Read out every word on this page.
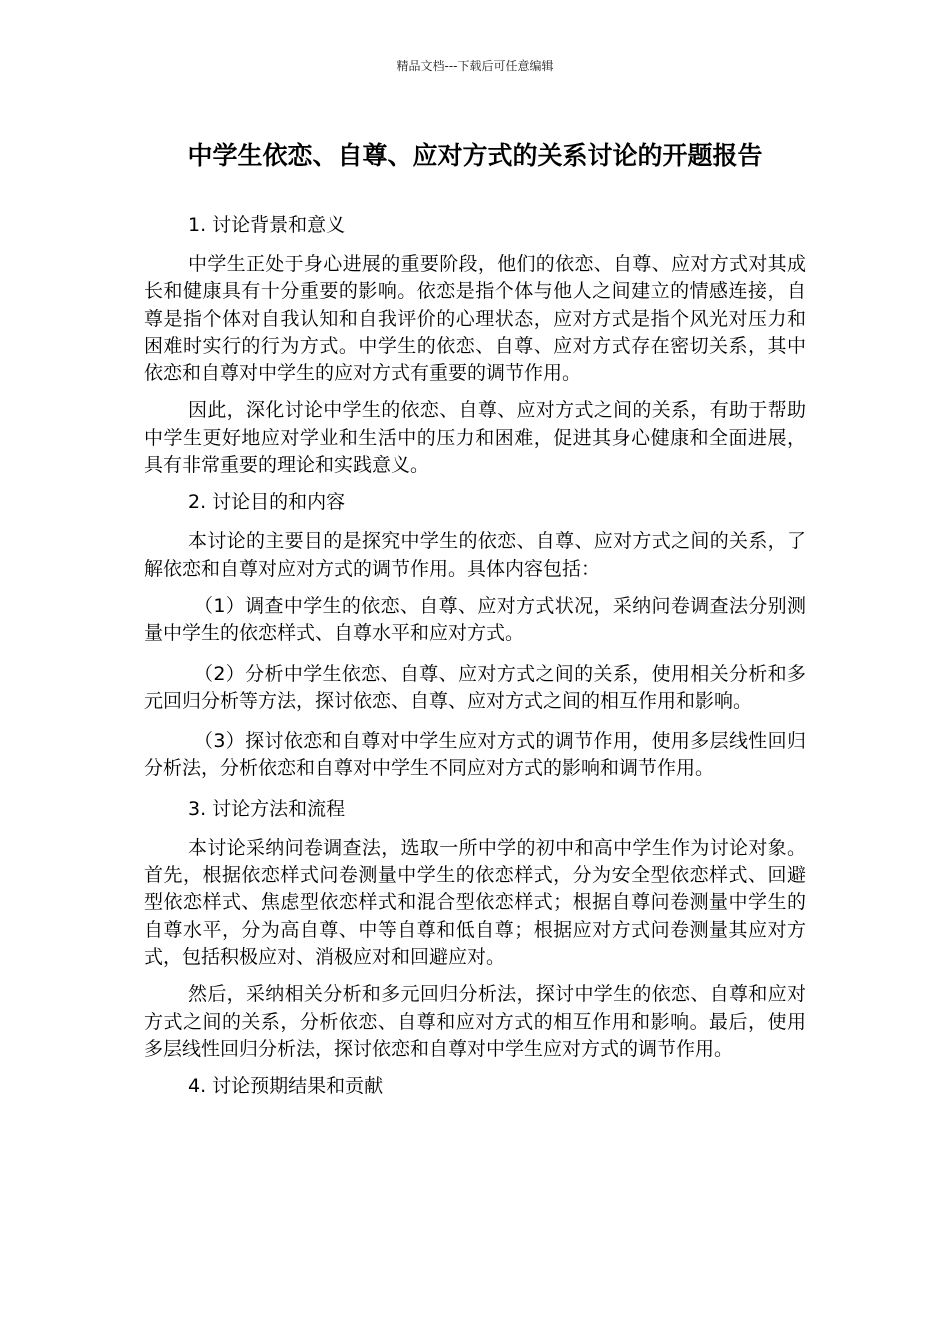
精品文档---下载后可任意编辑
中学生依恋、自尊、应对方式的关系讨论的开题报告

1. 讨论背景和意义

中学生正处于身心进展的重要阶段，他们的依恋、自尊、应对方式对其成长和健康具有十分重要的影响。依恋是指个体与他人之间建立的情感连接，自尊是指个体对自我认知和自我评价的心理状态，应对方式是指个风光对压力和困难时实行的行为方式。中学生的依恋、自尊、应对方式存在密切关系，其中依恋和自尊对中学生的应对方式有重要的调节作用。

因此，深化讨论中学生的依恋、自尊、应对方式之间的关系，有助于帮助中学生更好地应对学业和生活中的压力和困难，促进其身心健康和全面进展，具有非常重要的理论和实践意义。

2. 讨论目的和内容

本讨论的主要目的是探究中学生的依恋、自尊、应对方式之间的关系，了解依恋和自尊对应对方式的调节作用。具体内容包括：

（1）调查中学生的依恋、自尊、应对方式状况，采纳问卷调查法分别测量中学生的依恋样式、自尊水平和应对方式。

（2）分析中学生依恋、自尊、应对方式之间的关系，使用相关分析和多元回归分析等方法，探讨依恋、自尊、应对方式之间的相互作用和影响。

（3）探讨依恋和自尊对中学生应对方式的调节作用，使用多层线性回归分析法，分析依恋和自尊对中学生不同应对方式的影响和调节作用。

3. 讨论方法和流程

本讨论采纳问卷调查法，选取一所中学的初中和高中学生作为讨论对象。首先，根据依恋样式问卷测量中学生的依恋样式，分为安全型依恋样式、回避型依恋样式、焦虑型依恋样式和混合型依恋样式；根据自尊问卷测量中学生的自尊水平，分为高自尊、中等自尊和低自尊；根据应对方式问卷测量其应对方式，包括积极应对、消极应对和回避应对。

然后，采纳相关分析和多元回归分析法，探讨中学生的依恋、自尊和应对方式之间的关系，分析依恋、自尊和应对方式的相互作用和影响。最后，使用多层线性回归分析法，探讨依恋和自尊对中学生应对方式的调节作用。

4. 讨论预期结果和贡献
